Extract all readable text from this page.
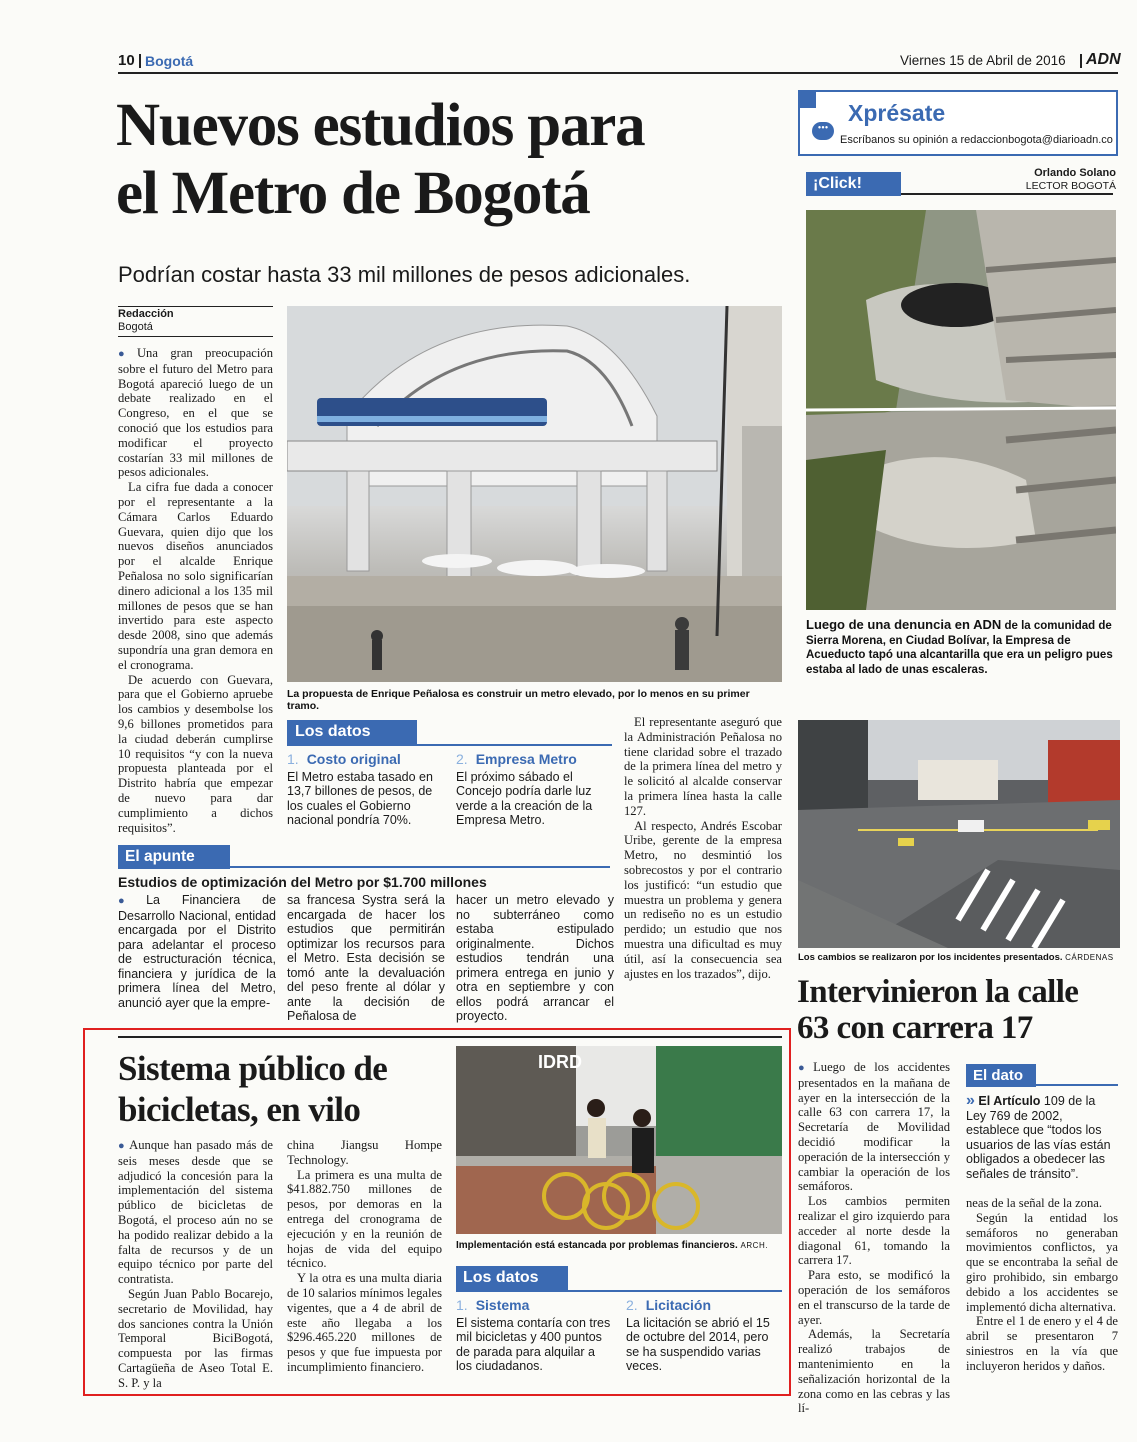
10 Bogotá	Viernes 15 de Abril de 2016 ADN
Nuevos estudios para
el Metro de Bogotá
Podrían costar hasta 33 mil millones de pesos adicionales.
Redacción
Bogotá

● Una gran preocupación sobre el futuro del Metro para Bogotá apareció luego de un debate realizado en el Congreso, en el que se conoció que los estudios para modificar el proyecto costarían 33 mil millones de pesos adicionales.

La cifra fue dada a conocer por el representante a la Cámara Carlos Eduardo Guevara, quien dijo que los nuevos diseños anunciados por el alcalde Enrique Peñalosa no solo significarían dinero adicional a los 135 mil millones de pesos que se han invertido para este aspecto desde 2008, sino que además supondría una gran demora en el cronograma.

De acuerdo con Guevara, para que el Gobierno apruebe los cambios y desembolse los 9,6 billones prometidos para la ciudad deberán cumplirse 10 requisitos “y con la nueva propuesta planteada por el Distrito habría que empezar de nuevo para dar cumplimiento a dichos requisitos”.

La propuesta de Enrique Peñalosa es construir un metro elevado, por lo menos en su primer tramo.
Los datos
1. Costo original
El Metro estaba tasado en 13,7 billones de pesos, de los cuales el Gobierno nacional pondría 70%.
2. Empresa Metro
El próximo sábado el Concejo podría darle luz verde a la creación de la Empresa Metro.

El representante aseguró que la Administración Peñalosa no tiene claridad sobre el trazado de la primera línea del metro y le solicitó al alcalde conservar la primera línea hasta la calle 127.

Al respecto, Andrés Escobar Uribe, gerente de la empresa Metro, no desmintió los sobrecostos y por el contrario los justificó: “un estudio que muestra un problema y genera un rediseño no es un estudio perdido; un estudio que nos muestra una dificultad es muy útil, así la consecuencia sea ajustes en los trazados”, dijo.

El apunte
Estudios de optimización del Metro por $1.700 millones
● La Financiera de Desarrollo Nacional, entidad encargada por el Distrito para adelantar el proceso de estructuración técnica, financiera y jurídica de la primera línea del Metro, anunció ayer que la empre-
sa francesa Systra será la encargada de hacer los estudios que permitirán optimizar los recursos para el Metro. Esta decisión se tomó ante la devaluación del peso frente al dólar y ante la decisión de Peñalosa de
hacer un metro elevado y no subterráneo como estaba estipulado originalmente. Dichos estudios tendrán una primera entrega en junio y otra en septiembre y con ellos podrá arrancar el proyecto.
•••
Xprésate
Escríbanos su opinión a redaccionbogota@diarioadn.co
¡Click!
Orlando Solano
LECTOR BOGOTÁ
Luego de una denuncia en ADN de la comunidad de Sierra Morena, en Ciudad Bolívar, la Empresa de Acueducto tapó una alcantarilla que era un peligro pues estaba al lado de unas escaleras.
Los cambios se realizaron por los incidentes presentados. CÁRDENAS
Intervinieron la calle
63 con carrera 17

● Luego de los accidentes presentados en la mañana de ayer en la intersección de la calle 63 con carrera 17, la Secretaría de Movilidad decidió modificar la operación de la intersección y cambiar la operación de los semáforos.

Los cambios permiten realizar el giro izquierdo para acceder al norte desde la diagonal 61, tomando la carrera 17.

Para esto, se modificó la operación de los semáforos en el transcurso de la tarde de ayer.

Además, la Secretaría realizó trabajos de mantenimiento en la señalización horizontal de la zona como en las cebras y las lí-

El dato
» El Artículo 109 de la Ley 769 de 2002, establece que “todos los usuarios de las vías están obligados a obedecer las señales de tránsito”.

neas de la señal de la zona.

Según la entidad los semáforos no generaban movimientos conflictos, ya que se encontraba la señal de giro prohibido, sin embargo debido a los accidentes se implementó dicha alternativa.

Entre el 1 de enero y el 4 de abril se presentaron 7 siniestros en la vía que incluyeron heridos y daños.

Sistema público de
bicicletas, en vilo

● Aunque han pasado más de seis meses desde que se adjudicó la concesión para la implementación del sistema público de bicicletas de Bogotá, el proceso aún no se ha podido realizar debido a la falta de recursos y de un equipo técnico por parte del contratista.

Según Juan Pablo Bocarejo, secretario de Movilidad, hay dos sanciones contra la Unión Temporal BiciBogotá, compuesta por las firmas Cartagüeña de Aseo Total E. S. P. y la

china Jiangsu Hompe Technology.

La primera es una multa de $41.882.750 millones de pesos, por demoras en la entrega del cronograma de ejecución y en la reunión de hojas de vida del equipo técnico.

Y la otra es una multa diaria de 10 salarios mínimos legales vigentes, que a 4 de abril de este año llegaba a los $296.465.220 millones de pesos y que fue impuesta por incumplimiento financiero.

IDRD
Implementación está estancada por problemas financieros. ARCH.
Los datos
1. Sistema
El sistema contaría con tres mil bicicletas y 400 puntos de parada para alquilar a los ciudadanos.
2. Licitación
La licitación se abrió el 15 de octubre del 2014, pero se ha suspendido varias veces.
